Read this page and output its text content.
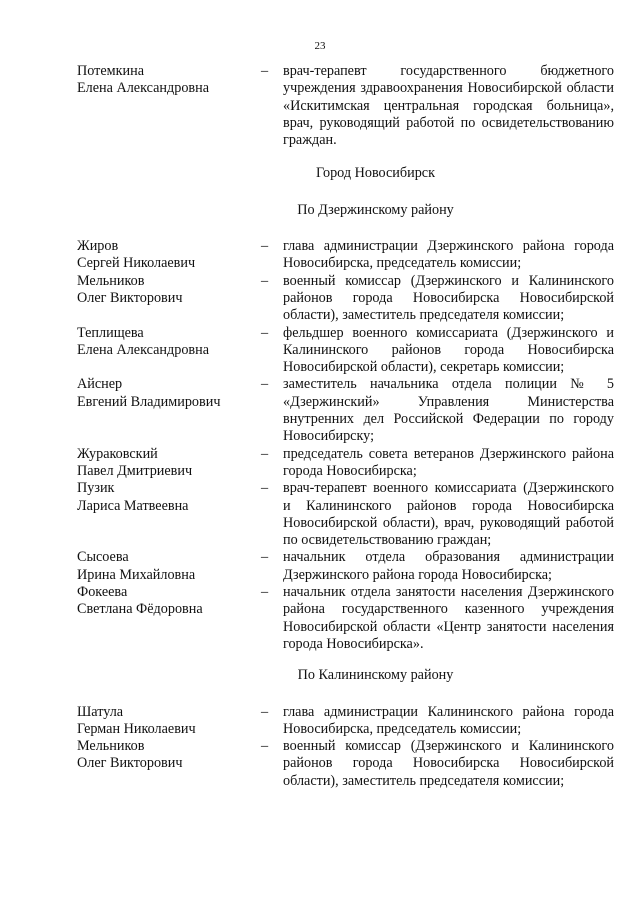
23
Потемкина
Елена Александровна
–	врач-терапевт государственного бюджетного учреждения здравоохранения Новосибирской области «Искитимская центральная городская больница», врач, руководящий работой по освидетельствованию граждан.
Город Новосибирск
По Дзержинскому району
Жиров
Сергей Николаевич
–	глава администрации Дзержинского района города Новосибирска, председатель комиссии;
Мельников
Олег Викторович
–	военный комиссар (Дзержинского и Калининского районов города Новосибирска Новосибирской области), заместитель председателя комиссии;
Теплищева
Елена Александровна
–	фельдшер военного комиссариата (Дзержинского и Калининского районов города Новосибирска Новосибирской области), секретарь комиссии;
Айснер
Евгений Владимирович
–	заместитель начальника отдела полиции № 5 «Дзержинский» Управления Министерства внутренних дел Российской Федерации по городу Новосибирску;
Жураковский
Павел Дмитриевич
–	председатель совета ветеранов Дзержинского района города Новосибирска;
Пузик
Лариса Матвеевна
–	врач-терапевт военного комиссариата (Дзержинского и Калининского районов города Новосибирска Новосибирской области), врач, руководящий работой по освидетельствованию граждан;
Сысоева
Ирина Михайловна
–	начальник отдела образования администрации Дзержинского района города Новосибирска;
Фокеева
Светлана Фёдоровна
–	начальник отдела занятости населения Дзержинского района государственного казенного учреждения Новосибирской области «Центр занятости населения города Новосибирска».
По Калининскому району
Шатула
Герман Николаевич
–	глава администрации Калининского района города Новосибирска, председатель комиссии;
Мельников
Олег Викторович
–	военный комиссар (Дзержинского и Калининского районов города Новосибирска Новосибирской области), заместитель председателя комиссии;
